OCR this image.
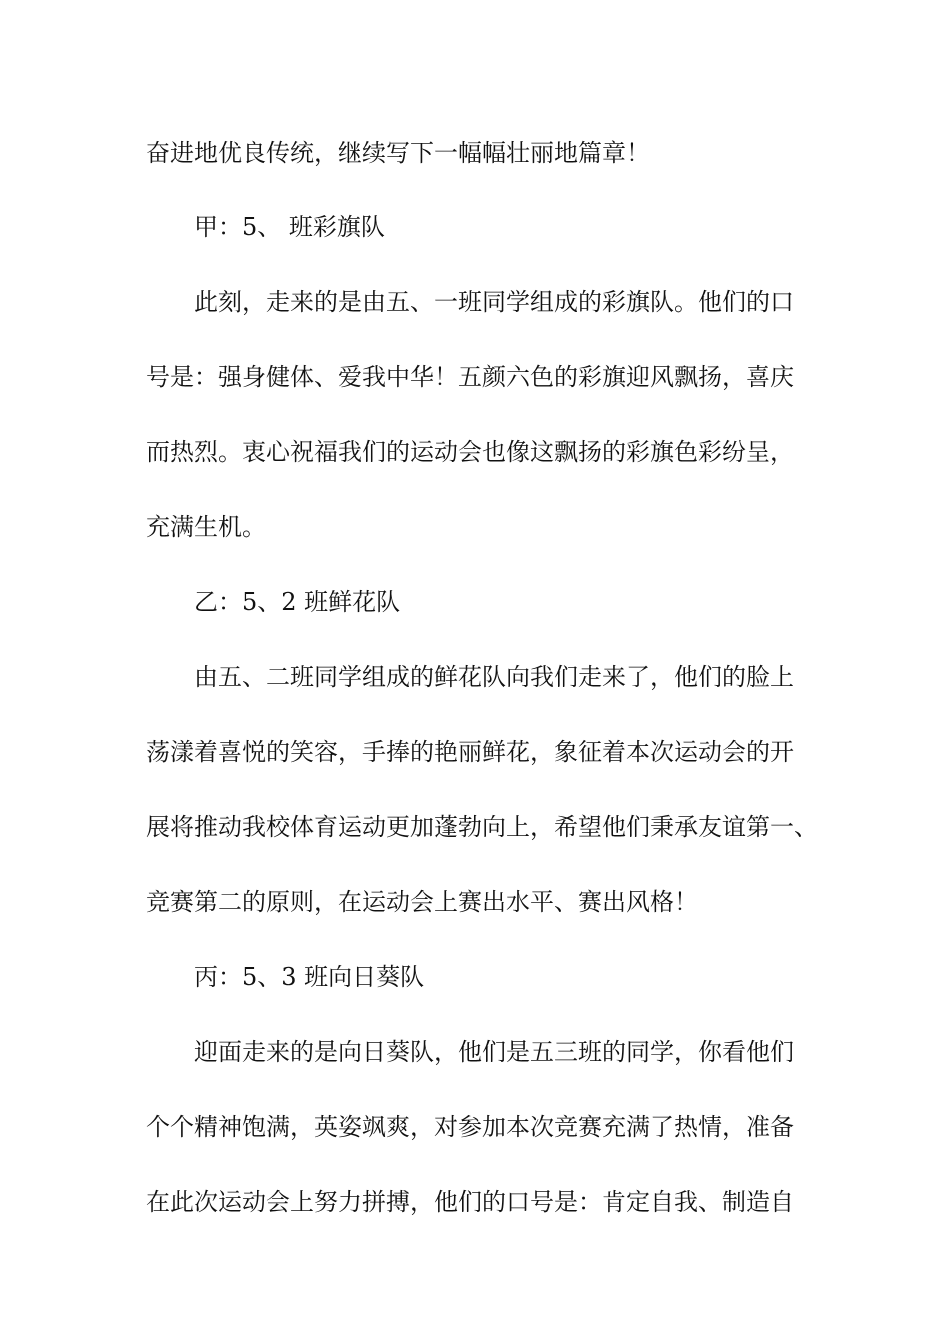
奋进地优良传统，继续写下一幅幅壮丽地篇章！
甲：5、 班彩旗队
此刻，走来的是由五、一班同学组成的彩旗队。他们的口
号是：强身健体、爱我中华！五颜六色的彩旗迎风飘扬，喜庆
而热烈。衷心祝福我们的运动会也像这飘扬的彩旗色彩纷呈，
充满生机。
乙：5、2 班鲜花队
由五、二班同学组成的鲜花队向我们走来了，他们的脸上
荡漾着喜悦的笑容，手捧的艳丽鲜花，象征着本次运动会的开
展将推动我校体育运动更加蓬勃向上，希望他们秉承友谊第一、
竞赛第二的原则，在运动会上赛出水平、赛出风格！
丙：5、3 班向日葵队
迎面走来的是向日葵队，他们是五三班的同学，你看他们
个个精神饱满，英姿飒爽，对参加本次竞赛充满了热情，准备
在此次运动会上努力拼搏，他们的口号是：肯定自我、制造自
